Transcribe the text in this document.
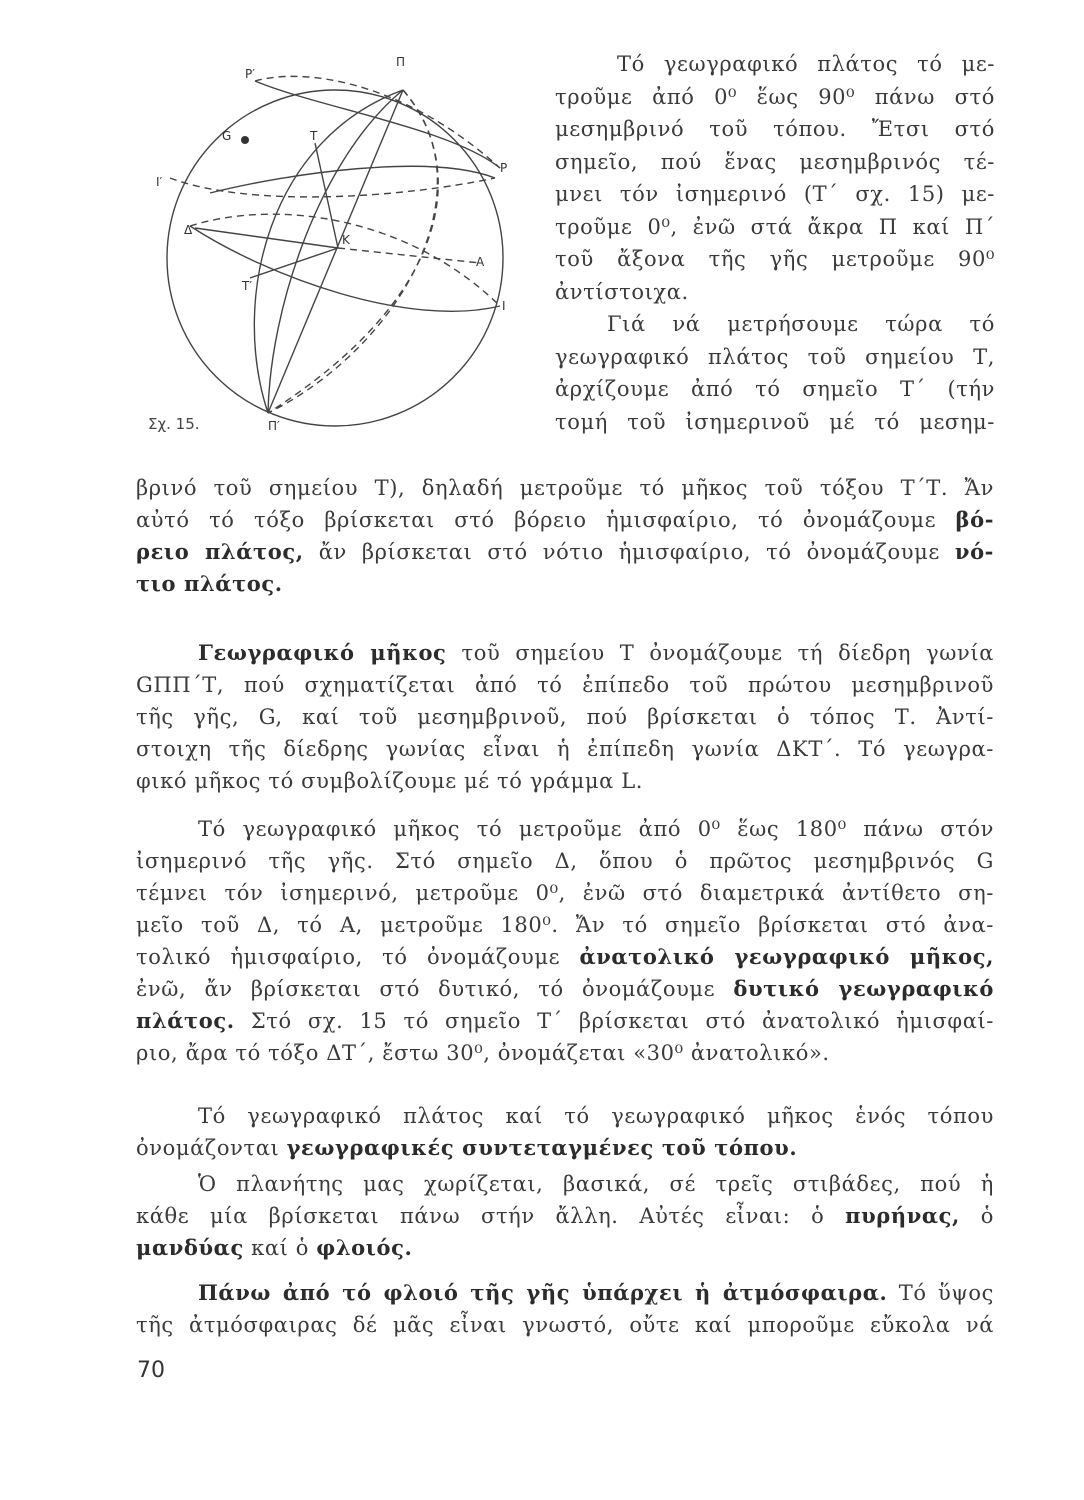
P′
Π
G	T
P
I′
Δ
K
A
T′
I
Π′
Σχ. 15.

Τό γεωγραφικό πλάτος τό με-
τροῦμε ἀπό 0⁰ ἕως 90⁰ πάνω στό
μεσημβρινό τοῦ τόπου. Ἔτσι στό
σημεῖο, πού ἕνας μεσημβρινός τέ-
μνει τόν ἰσημερινό (Τ΄ σχ. 15) με-
τροῦμε 0⁰, ἐνῶ στά ἄκρα Π καί Π΄
τοῦ ἄξονα τῆς γῆς μετροῦμε 90⁰
ἀντίστοιχα.
Γιά νά μετρήσουμε τώρα τό
γεωγραφικό πλάτος τοῦ σημείου Τ,
ἀρχίζουμε ἀπό τό σημεῖο Τ΄ (τήν
τομή τοῦ ἰσημερινοῦ μέ τό μεσημ-

βρινό τοῦ σημείου Τ), δηλαδή μετροῦμε τό μῆκος τοῦ τόξου Τ΄Τ. Ἄν
αὐτό τό τόξο βρίσκεται στό βόρειο ἡμισφαίριο, τό ὀνομάζουμε βό-
ρειο πλάτος, ἄν βρίσκεται στό νότιο ἡμισφαίριο, τό ὀνομάζουμε νό-
τιο πλάτος.
Γεωγραφικό μῆκος τοῦ σημείου Τ ὀνομάζουμε τή δίεδρη γωνία
GΠΠ΄Τ, πού σχηματίζεται ἀπό τό ἐπίπεδο τοῦ πρώτου μεσημβρινοῦ
τῆς γῆς, G, καί τοῦ μεσημβρινοῦ, πού βρίσκεται ὁ τόπος Τ. Ἀντί-
στοιχη τῆς δίεδρης γωνίας εἶναι ἡ ἐπίπεδη γωνία ΔΚΤ΄. Τό γεωγρα-
φικό μῆκος τό συμβολίζουμε μέ τό γράμμα L.
Τό γεωγραφικό μῆκος τό μετροῦμε ἀπό 0⁰ ἕως 180⁰ πάνω στόν
ἰσημερινό τῆς γῆς. Στό σημεῖο Δ, ὅπου ὁ πρῶτος μεσημβρινός G
τέμνει τόν ἰσημερινό, μετροῦμε 0⁰, ἐνῶ στό διαμετρικά ἀντίθετο ση-
μεῖο τοῦ Δ, τό Α, μετροῦμε 180⁰. Ἄν τό σημεῖο βρίσκεται στό ἀνα-
τολικό ἡμισφαίριο, τό ὀνομάζουμε ἀνατολικό γεωγραφικό μῆκος,
ἐνῶ, ἄν βρίσκεται στό δυτικό, τό ὀνομάζουμε δυτικό γεωγραφικό
πλάτος. Στό σχ. 15 τό σημεῖο Τ΄ βρίσκεται στό ἀνατολικό ἡμισφαί-
ριο, ἄρα τό τόξο ΔΤ΄, ἔστω 30⁰, ὀνομάζεται «30⁰ ἀνατολικό».
Τό γεωγραφικό πλάτος καί τό γεωγραφικό μῆκος ἑνός τόπου
ὀνομάζονται γεωγραφικές συντεταγμένες τοῦ τόπου.
Ὁ πλανήτης μας χωρίζεται, βασικά, σέ τρεῖς στιβάδες, πού ἡ
κάθε μία βρίσκεται πάνω στήν ἄλλη. Αὐτές εἶναι: ὁ πυρήνας, ὁ
μανδύας καί ὁ φλοιός.
Πάνω ἀπό τό φλοιό τῆς γῆς ὑπάρχει ἡ ἀτμόσφαιρα. Τό ὕψος
τῆς ἀτμόσφαιρας δέ μᾶς εἶναι γνωστό, οὔτε καί μποροῦμε εὔκολα νά
70
